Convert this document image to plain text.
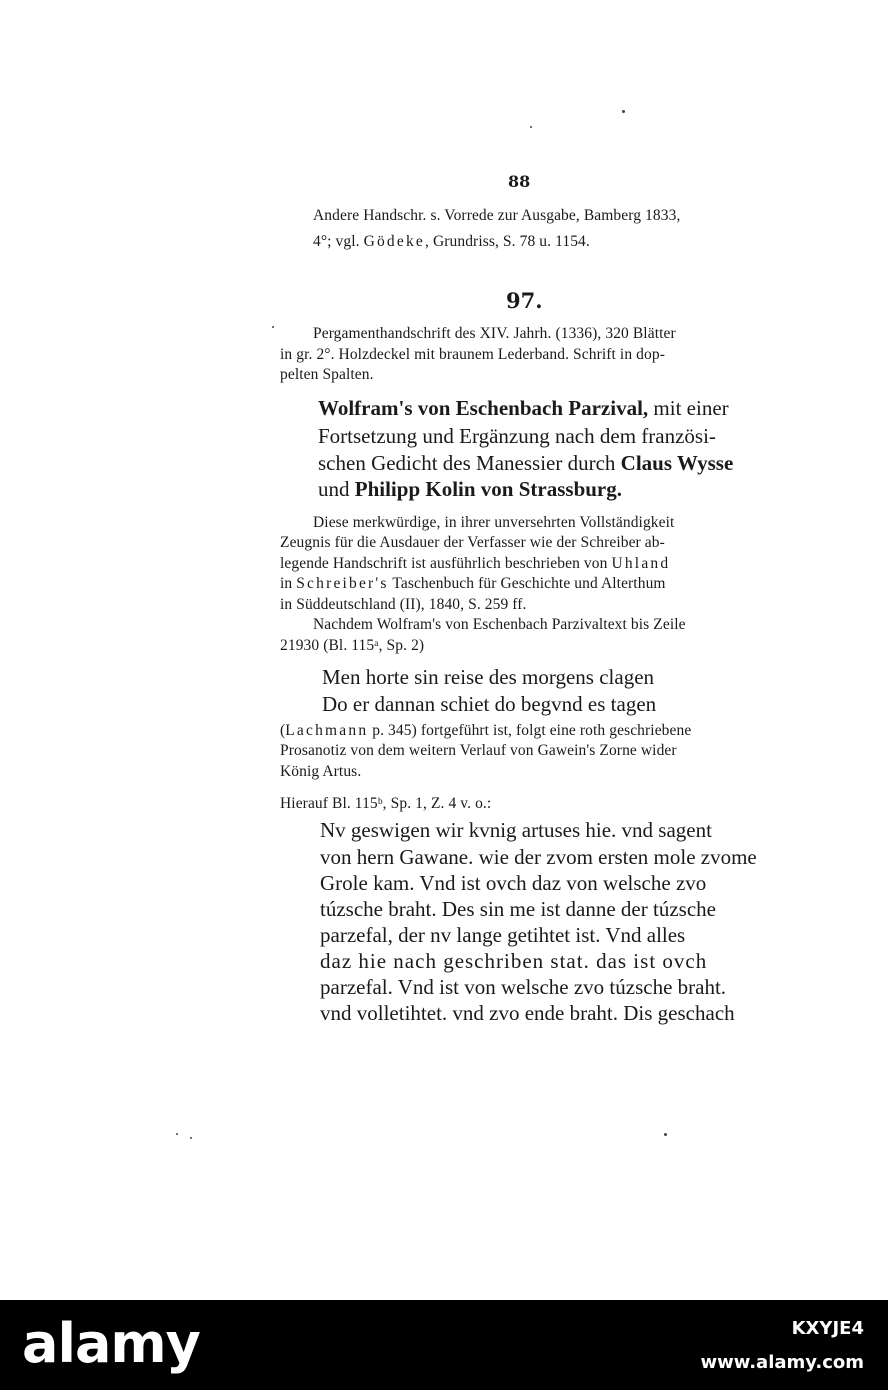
88
Andere Handschr. s. Vorrede zur Ausgabe, Bamberg 1833,
4°; vgl. Gödeke, Grundriss, S. 78 u. 1154.
97.
Pergamenthandschrift des XIV. Jahrh. (1336), 320 Blätter
in gr. 2°. Holzdeckel mit braunem Lederband. Schrift in dop-
pelten Spalten.
Wolfram's von Eschenbach Parzival, mit einer
Fortsetzung und Ergänzung nach dem französi-
schen Gedicht des Manessier durch Claus Wysse
und Philipp Kolin von Strassburg.
Diese merkwürdige, in ihrer unversehrten Vollständigkeit
Zeugnis für die Ausdauer der Verfasser wie der Schreiber ab-
legende Handschrift ist ausführlich beschrieben von Uhland
in Schreiber's Taschenbuch für Geschichte und Alterthum
in Süddeutschland (II), 1840, S. 259 ff.
Nachdem Wolfram's von Eschenbach Parzivaltext bis Zeile
21930 (Bl. 115ᵃ, Sp. 2)
Men horte sin reise des morgens clagen
Do er dannan schiet do begvnd es tagen
(Lachmann p. 345) fortgeführt ist, folgt eine roth geschriebene
Prosanotiz von dem weitern Verlauf von Gawein's Zorne wider
König Artus.
Hierauf Bl. 115ᵇ, Sp. 1, Z. 4 v. o.:
Nv geswigen wir kvnig artuses hie. vnd sagent
von hern Gawane. wie der zvom ersten mole zvome
Grole kam. Vnd ist ovch daz von welsche zvo
túzsche braht. Des sin me ist danne der túzsche
parzefal, der nv lange getihtet ist. Vnd alles
daz hie nach geschriben stat. das ist ovch
parzefal. Vnd ist von welsche zvo túzsche braht.
vnd volletihtet. vnd zvo ende braht. Dis geschach
alamy	KXYJE4
www.alamy.com
